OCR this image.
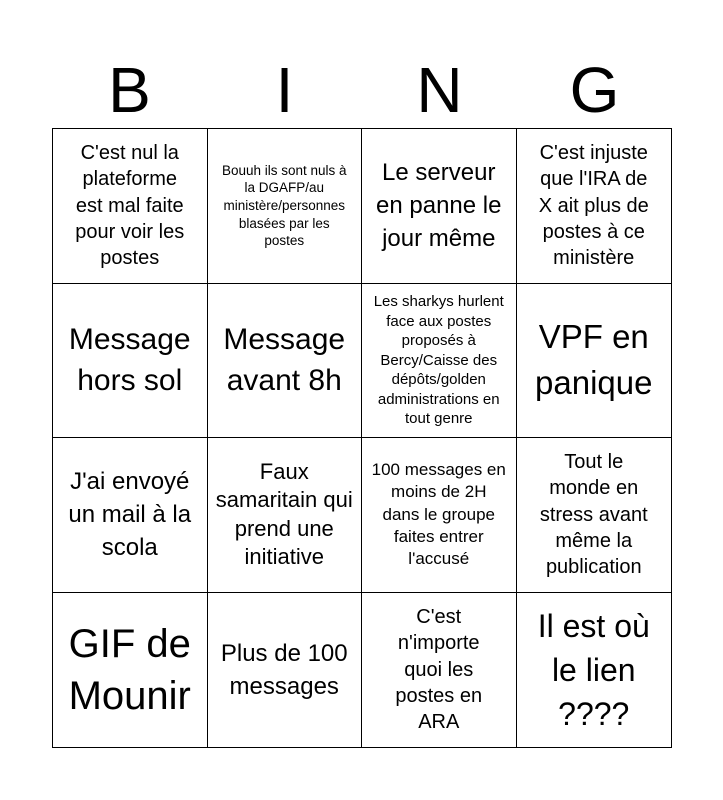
B	I	N	G
C'est nul la plateforme est mal faite pour voir les postes
Bouuh ils sont nuls à la DGAFP/au ministère/personnes blasées par les postes
Le serveur en panne le jour même
C'est injuste que l'IRA de X ait plus de postes à ce ministère
Message hors sol
Message avant 8h
Les sharkys hurlent face aux postes proposés à Bercy/Caisse des dépôts/golden administrations en tout genre
VPF en panique
J'ai envoyé un mail à la scola
Faux samaritain qui prend une initiative
100 messages en moins de 2H dans le groupe faites entrer l'accusé
Tout le monde en stress avant même la publication
GIF de Mounir
Plus de 100 messages
C'est n'importe quoi les postes en ARA
Il est où le lien ????
